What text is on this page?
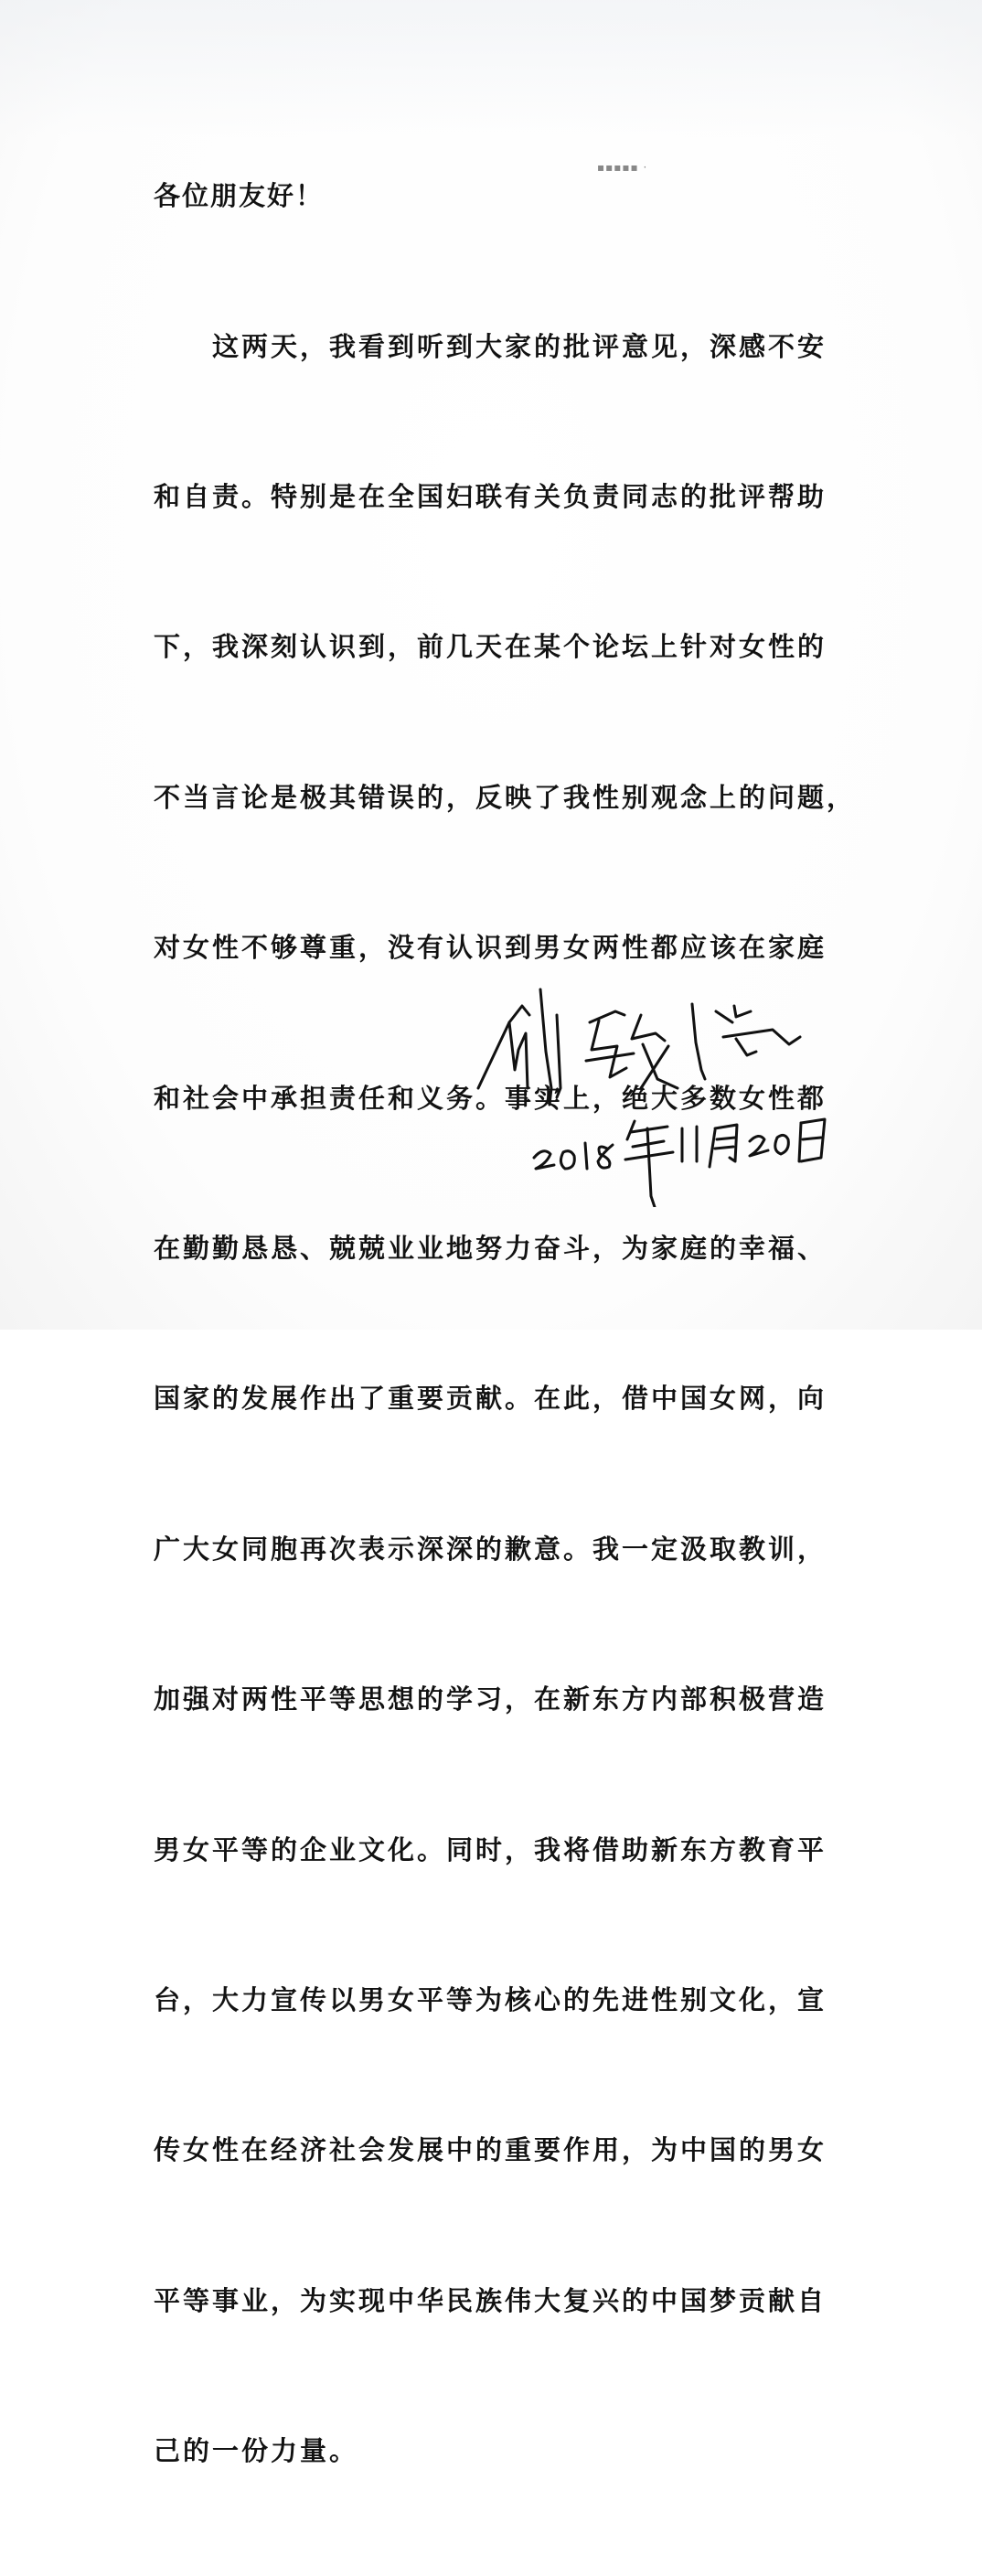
▪▪▪▪▪ ·
各位朋友好！

　　这两天，我看到听到大家的批评意见，深感不安

和自责。特别是在全国妇联有关负责同志的批评帮助

下，我深刻认识到，前几天在某个论坛上针对女性的

不当言论是极其错误的，反映了我性别观念上的问题，

对女性不够尊重，没有认识到男女两性都应该在家庭

和社会中承担责任和义务。事实上，绝大多数女性都

在勤勤恳恳、兢兢业业地努力奋斗，为家庭的幸福、

国家的发展作出了重要贡献。在此，借中国女网，向

广大女同胞再次表示深深的歉意。我一定汲取教训，

加强对两性平等思想的学习，在新东方内部积极营造

男女平等的企业文化。同时，我将借助新东方教育平

台，大力宣传以男女平等为核心的先进性别文化，宣

传女性在经济社会发展中的重要作用，为中国的男女

平等事业，为实现中华民族伟大复兴的中国梦贡献自

己的一份力量。
